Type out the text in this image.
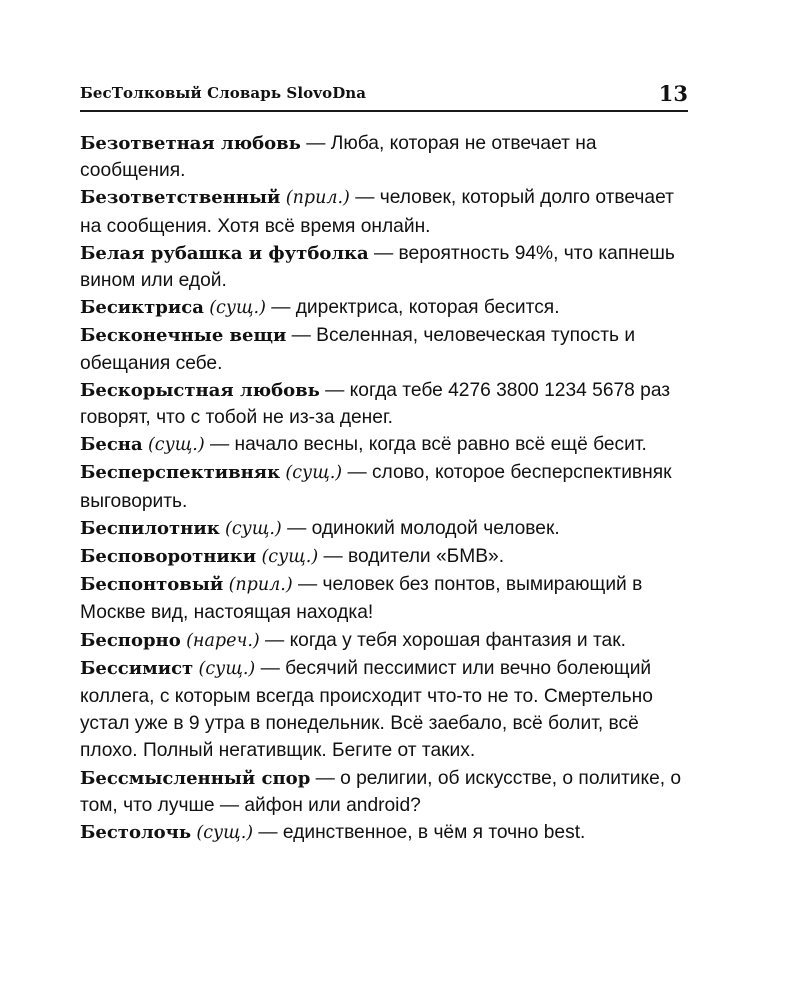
БесТолковый Словарь SlovoDna	13

Безответная любовь — Люба, которая не отвечает на сообщения.

Безответственный (прил.) — человек, который долго отвечает на сообщения. Хотя всё время онлайн.

Белая рубашка и футболка — вероятность 94%, что капнешь вином или едой.

Бесиктриса (сущ.) — директриса, которая бесится.

Бесконечные вещи — Вселенная, человеческая тупость и обещания себе.

Бескорыстная любовь — когда тебе 4276 3800 1234 5678 раз говорят, что с тобой не из-за денег.

Бесна (сущ.) — начало весны, когда всё равно всё ещё бесит.

Бесперспективняк (сущ.) — слово, которое бесперспективняк выговорить.

Беспилотник (сущ.) — одинокий молодой человек.

Бесповоротники (сущ.) — водители «БМВ».

Беспонтовый (прил.) — человек без понтов, вымирающий в Москве вид, настоящая находка!

Беспорно (нареч.) — когда у тебя хорошая фантазия и так.

Бессимист (сущ.) — бесячий пессимист или вечно болеющий коллега, с которым всегда происходит что-то не то. Смертельно устал уже в 9 утра в понедельник. Всё заебало, всё болит, всё плохо. Полный негативщик. Бегите от таких.

Бессмысленный спор — о религии, об искусстве, о политике, о том, что лучше — айфон или android?

Бестолочь (сущ.) — единственное, в чём я точно best.
